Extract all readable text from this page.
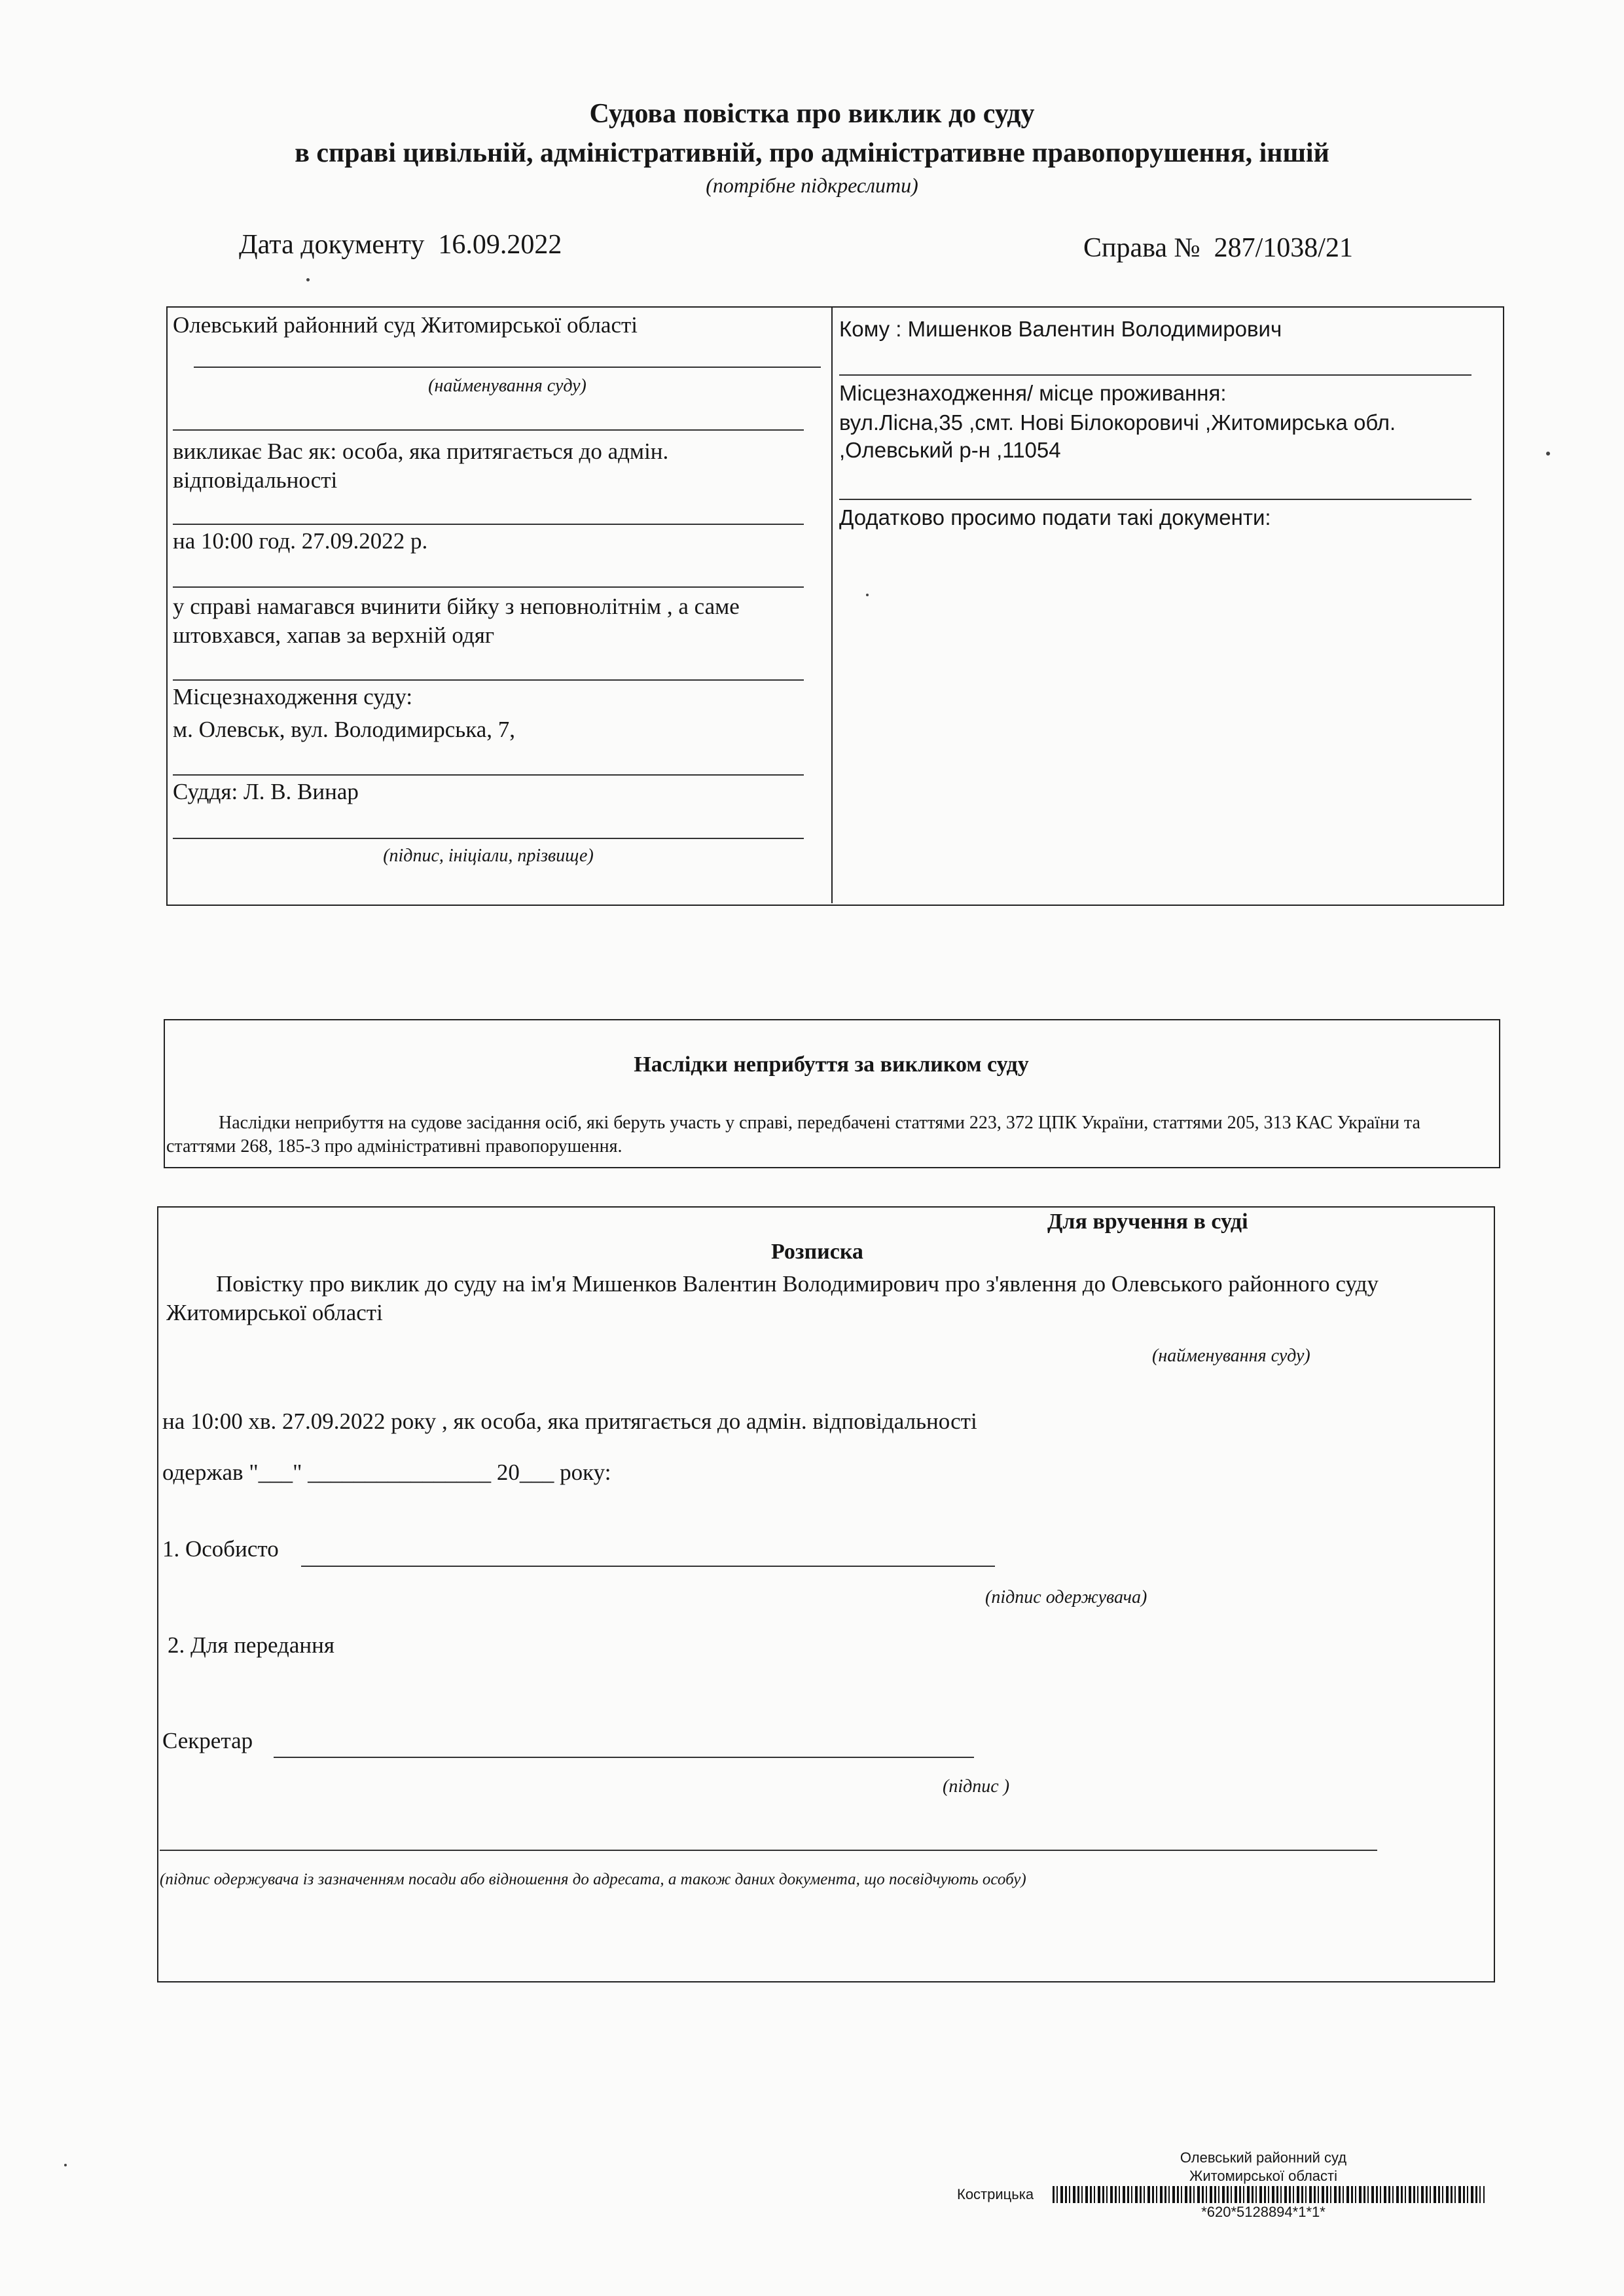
Судова повістка про виклик до суду
в справі цивільній, адміністративній, про адміністративне правопорушення, іншій
(потрібне підкреслити)
Дата документу 16.09.2022	Справа № 287/1038/21
Олевський районний суд Житомирської області
(найменування суду)
викликає Вас як: особа, яка притягається до адмін. відповідальності
на 10:00 год. 27.09.2022 р.
у справі намагався вчинити бійку з неповнолітнім , а саме штовхався, хапав за верхній одяг
Місцезнаходження суду:
м. Олевськ, вул. Володимирська, 7,
Суддя: Л. В. Винар
(підпис, ініціали, прізвище)
Кому : Мишенков Валентин Володимирович
Місцезнаходження/ місце проживання:
вул.Лісна,35 ,смт. Нові Білокоровичі ,Житомирська обл. ,Олевський р-н ,11054
Додатково просимо подати такі документи:
Наслідки неприбуття за викликом суду
Наслідки неприбуття на судове засідання осіб, які беруть участь у справі, передбачені статтями 223, 372 ЦПК України, статтями 205, 313 КАС України та статтями 268, 185-3 про адміністративні правопорушення.
Для вручення в суді
Розписка
Повістку про виклик до суду на ім'я Мишенков Валентин Володимирович про з'явлення до Олевського районного суду Житомирської області
(найменування суду)
на 10:00 хв. 27.09.2022 року , як особа, яка притягається до адмін. відповідальності
одержав "___" ________________ 20___ року:
1. Особисто
(підпис одержувача)
2. Для передання
Секретар
(підпис )
(підпис одержувача із зазначенням посади або відношення до адресата, а також даних документа, що посвідчують особу)
Олевський районний суд
Житомирської області
Кострицька
*620*5128894*1*1*
